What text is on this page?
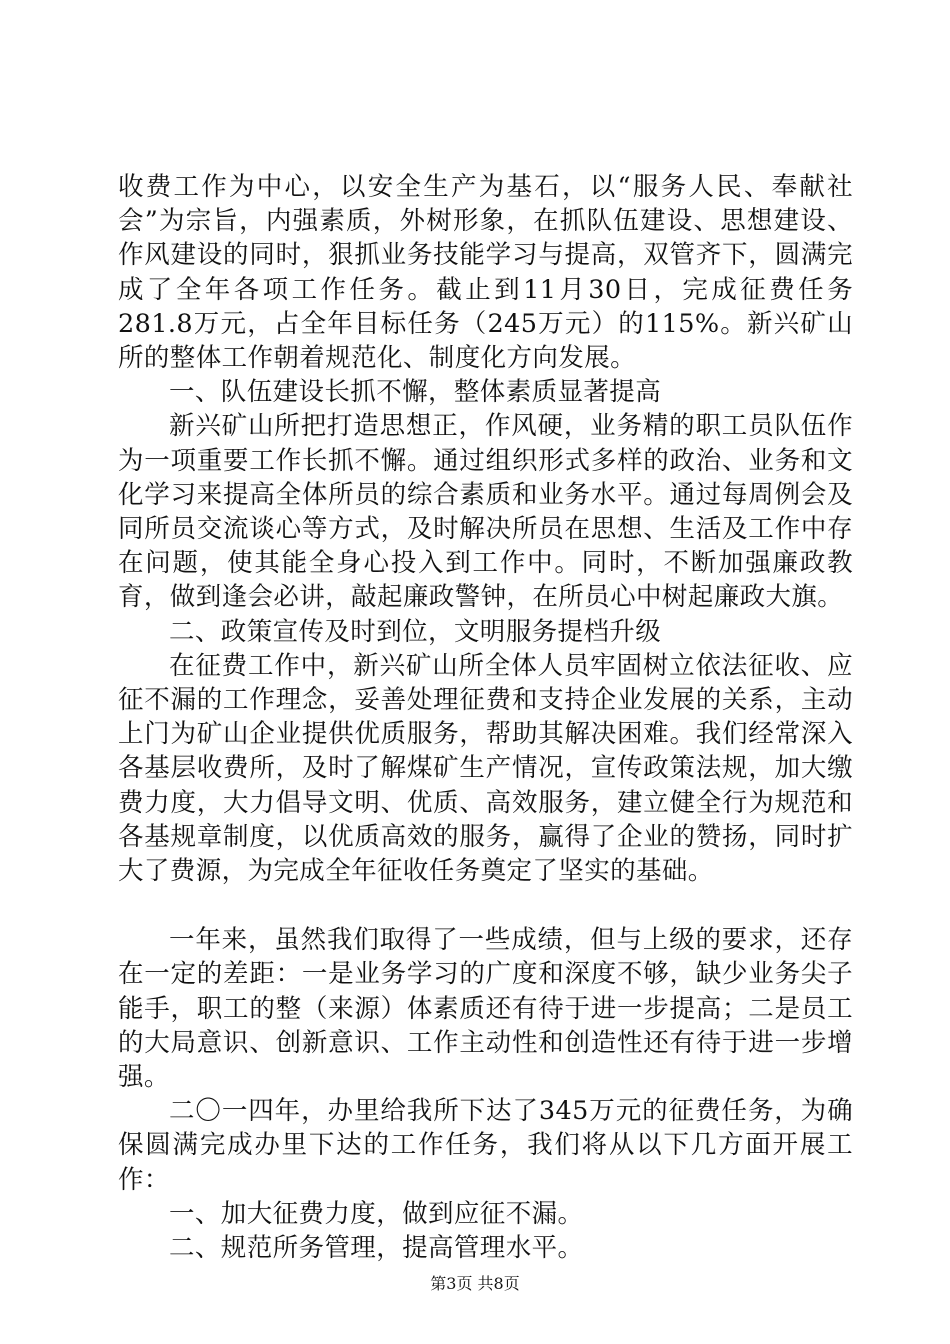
收费工作为中心，以安全生产为基石，以“服务人民、奉献社会”为宗旨，内强素质，外树形象，在抓队伍建设、思想建设、作风建设的同时，狠抓业务技能学习与提高，双管齐下，圆满完成了全年各项工作任务。截止到11月30日，完成征费任务281.8万元，占全年目标任务（245万元）的115%。新兴矿山所的整体工作朝着规范化、制度化方向发展。

一、队伍建设长抓不懈，整体素质显著提高

新兴矿山所把打造思想正，作风硬，业务精的职工员队伍作为一项重要工作长抓不懈。通过组织形式多样的政治、业务和文化学习来提高全体所员的综合素质和业务水平。通过每周例会及同所员交流谈心等方式，及时解决所员在思想、生活及工作中存在问题，使其能全身心投入到工作中。同时，不断加强廉政教育，做到逢会必讲，敲起廉政警钟，在所员心中树起廉政大旗。

二、政策宣传及时到位，文明服务提档升级

在征费工作中，新兴矿山所全体人员牢固树立依法征收、应征不漏的工作理念，妥善处理征费和支持企业发展的关系，主动上门为矿山企业提供优质服务，帮助其解决困难。我们经常深入各基层收费所，及时了解煤矿生产情况，宣传政策法规，加大缴费力度，大力倡导文明、优质、高效服务，建立健全行为规范和各基规章制度，以优质高效的服务，赢得了企业的赞扬，同时扩大了费源，为完成全年征收任务奠定了坚实的基础。

一年来，虽然我们取得了一些成绩，但与上级的要求，还存在一定的差距：一是业务学习的广度和深度不够，缺少业务尖子能手，职工的整（来源）体素质还有待于进一步提高；二是员工的大局意识、创新意识、工作主动性和创造性还有待于进一步增强。

二〇一四年，办里给我所下达了345万元的征费任务，为确保圆满完成办里下达的工作任务，我们将从以下几方面开展工作：

一、加大征费力度，做到应征不漏。

二、规范所务管理，提高管理水平。

第3页 共8页
